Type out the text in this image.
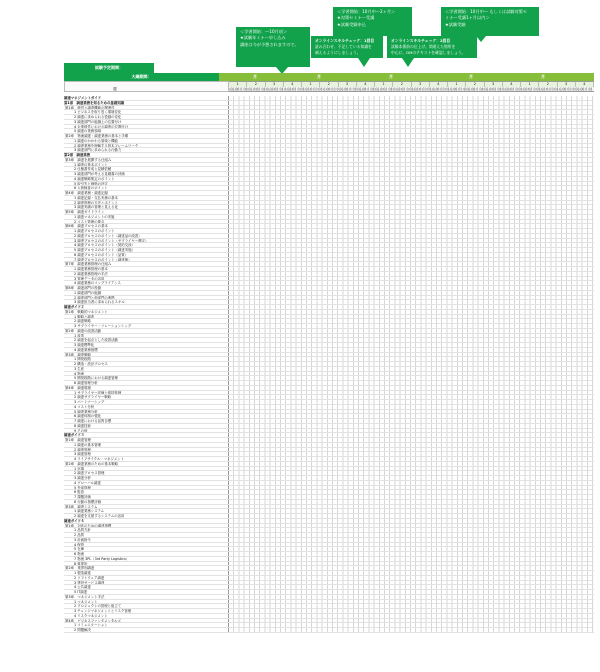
＜学習開始：〜10月頃＞
★試験年ミナー申し込み
講座は今が予想されますので。
＜学習開始：10月中〜2ヶ月＞
★対策セミナー受講
★試験受験申込
＜学習開始：10月中〜 もしくは試験対策セ
ミナー受講1ヶ月以内＞
★試験受験
オンラインスキルチェック：1回目
読み合わせ、不足している知識を
補えるようにしましょう。
オンラインスキルチェック：2回目
試験本番前の仕上げ。間違えた箇所を
中心に、DMのテキストを確認しましょう。
試験予定期間：
大綱期間：	月	月	月	月	月
1	2	3	4	1	2	3	4	1	2	3	4	1	2	3	4	1	2	3	4
月 火 水 木 金 土 日 月 火 水 木 金 土 日 月 火 水 木 金 土 日 月 火 水 木 金 土 日 月 火 水 木 金 土 日 月 火 水 木 金 土 日 月 火 水 木 金 土 日 月 火 水 木 金 土 日 月 火 水 木 金 土 日 月 火 水 木 金 土 日 月 火 水 木 金 土 日 月 火 水 木 金 土 日 月 火 水 木 金 土 日 月 火 水 木 金 土 日 月 火 水 木 金 土 日 月 火 水 木 金 土 日 月 火 水 木 金 土 日 月 火 水 木 金 土 日 月 火 水 木 金 土 日 月 火 水 木 金 土 日
週
調達マネジメントガイド
第1部　調達業務を知るための基礎知識
第1章　経営と調達機能の関連性
1 ビジネスを取り巻く環境変化
2 調達に求められる役割の変化
3 調達部門の組織上の位置付け
4 企業経営における調達の位置付け
5 調達の業務領域
第2章　物流調達・調達業務の基本と手順
1 調達のかかわる領域と機能
2 調達業務を理解する基本フレームワーク
3 調達部門に求められる行動力
第2部　調達業務
第3章　調達を展開する仕組み
1 調達の基本ポイント
2 仕様書作成と見積依頼
3 調達部門が考える見積書の評価
4 調達戦略策定のポイント
5 取引先と価格の決定
6 入荷検査のポイント
第4章　調達業務・調達記録
1 調達記録・支払実務の基本
2 調達管理の方法とポイント
3 調達実績の管理と見える化
第5章　調達ガイドライン
1 調達マネジメントの実施
2 コスト管理の要点
第6章　調達プロセスの基本
1 調達プロセスのポイント
2 調達プロセスのポイント（調達品の改善）
3 調達プロセスのポイント（サプライヤー選定）
4 調達プロセスのポイント（契約交渉）
5 調達プロセスのポイント（調達実施）
6 調達プロセスのポイント（品質）
7 調達プロセスのポイント（調達後）
第7章　調達業務管理の仕組み
1 調達業務管理の基本
2 調達業務管理の手法
3 管理データの活用
4 調達業務のコンプライアンス
第8章　調達部門の役割
1 調達部門の組織
2 調達部門と他部門の連携
3 調達担当者に求められるスキル
調達ガイド２
第1章　戦略的マネジメント
1 戦略と調達
2 調達戦略
3 サプライヤー・リレーションシップ
第2章　調達の改善活動
1 改善
2 調達を起点とした改善活動
3 調達標準化
4 調達業務指標
第3章　調達戦略
1 開発段階
2 構造・設計プロセス
3 生産
4 物流
5 開発段階における調達管理
6 調達管理分析
第4章　調達環境
1 サプライヤー評価と維持管理
2 調達サプライヤー戦略
3 パートナーシップ
4 コスト分析
5 調達業務分析
6 調達体制の強化
7 調達における品質目標
8 調達技術
9 その他
調達ガイド３
第1章　調達管理
1 調達の基本管理
2 調達管理
3 調達管理
4 ライフサイクル・マネジメント
第2章　調達業務のための基本戦略
1 市場
2 調達プロセス管理
3 調達分析
4 グローバル調達
5 外部管理
6 監査
7 課題評価
8 行動の指標評価
第3章　調達システム
1 調達業務システム
2 調達を支援するシステムの活用
調達ガイド４
第1章　対応のための調達指標
1 品質方針
2 品質
3 計画指令
4 保管
5 在庫
6 物流
7 物流 3PL（3rd Party Logistics）
8 事業所
第2章　業界別調達
1 製造調達
2 ソフトウェア調達
3 建設サービス調達
4 公共調達
5 IT調達
第3章　マネジメント手法
1 マネジメント
2 プロジェクトの管理と組立て
3 チェンジマネジメントとリスク管理
4 リスクマネジメント
第4章　ビジネスファンダメンタルズ
1 コミュニケーション
2 問題解決
